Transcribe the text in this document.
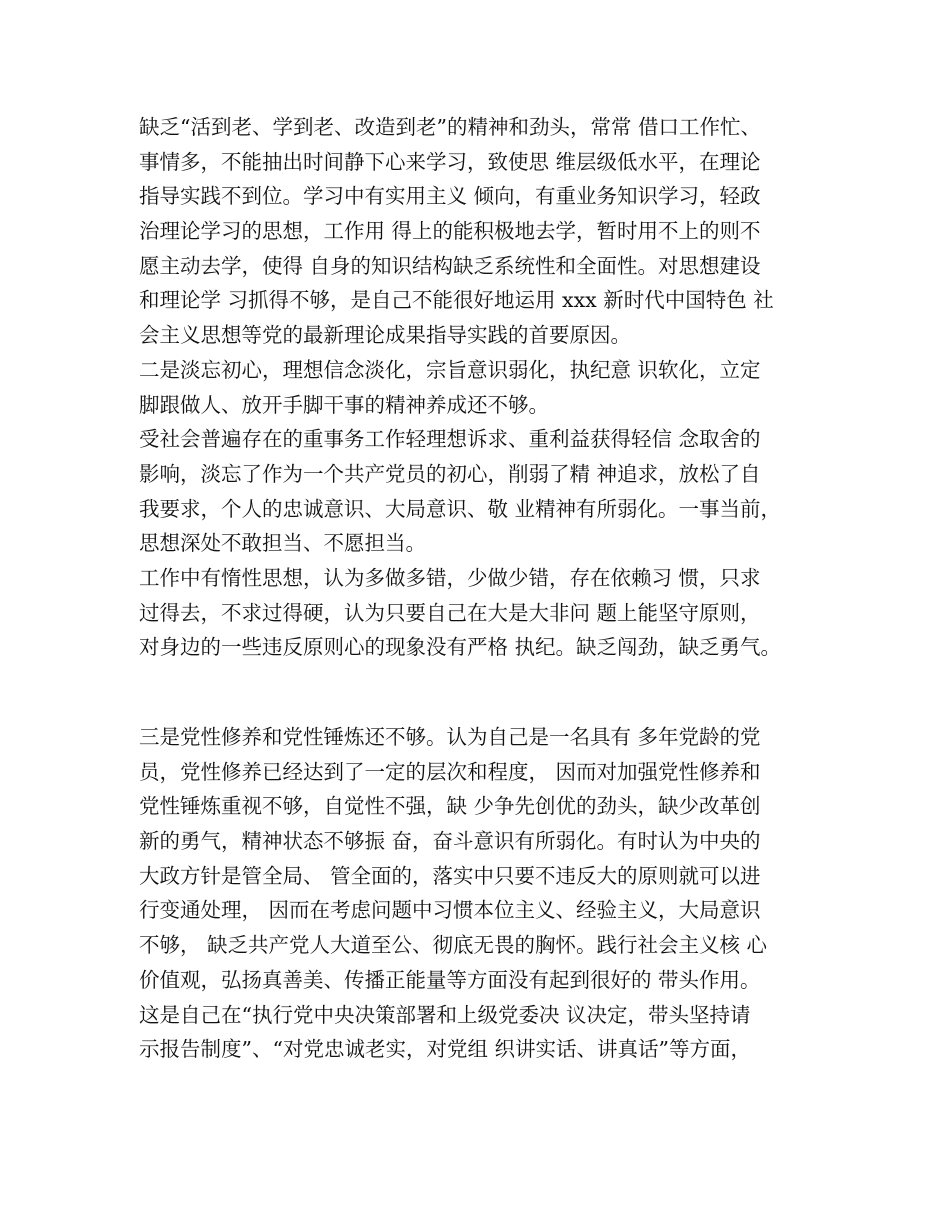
缺乏“活到老、学到老、改造到老”的精神和劲头，常常 借口工作忙、
事情多，不能抽出时间静下心来学习，致使思 维层级低水平，在理论
指导实践不到位。学习中有实用主义 倾向，有重业务知识学习，轻政
治理论学习的思想，工作用 得上的能积极地去学，暂时用不上的则不
愿主动去学，使得 自身的知识结构缺乏系统性和全面性。对思想建设
和理论学 习抓得不够，是自己不能很好地运用 xxx 新时代中国特色 社
会主义思想等党的最新理论成果指导实践的首要原因。
二是淡忘初心，理想信念淡化，宗旨意识弱化，执纪意 识软化，立定
脚跟做人、放开手脚干事的精神养成还不够。
受社会普遍存在的重事务工作轻理想诉求、重利益获得轻信 念取舍的
影响，淡忘了作为一个共产党员的初心，削弱了精 神追求，放松了自
我要求，个人的忠诚意识、大局意识、敬 业精神有所弱化。一事当前，
思想深处不敢担当、不愿担当。
工作中有惰性思想，认为多做多错，少做少错，存在依赖习 惯，只求
过得去，不求过得硬，认为只要自己在大是大非问 题上能坚守原则，
对身边的一些违反原则心的现象没有严格 执纪。缺乏闯劲，缺乏勇气。
三是党性修养和党性锤炼还不够。认为自己是一名具有 多年党龄的党
员，党性修养已经达到了一定的层次和程度， 因而对加强党性修养和
党性锤炼重视不够，自觉性不强，缺 少争先创优的劲头，缺少改革创
新的勇气，精神状态不够振 奋，奋斗意识有所弱化。有时认为中央的
大政方针是管全局、 管全面的，落实中只要不违反大的原则就可以进
行变通处理， 因而在考虑问题中习惯本位主义、经验主义，大局意识
不够， 缺乏共产党人大道至公、彻底无畏的胸怀。践行社会主义核 心
价值观，弘扬真善美、传播正能量等方面没有起到很好的 带头作用。
这是自己在“执行党中央决策部署和上级党委决 议决定，带头坚持请
示报告制度”、“对党忠诚老实，对党组 织讲实话、讲真话”等方面，
